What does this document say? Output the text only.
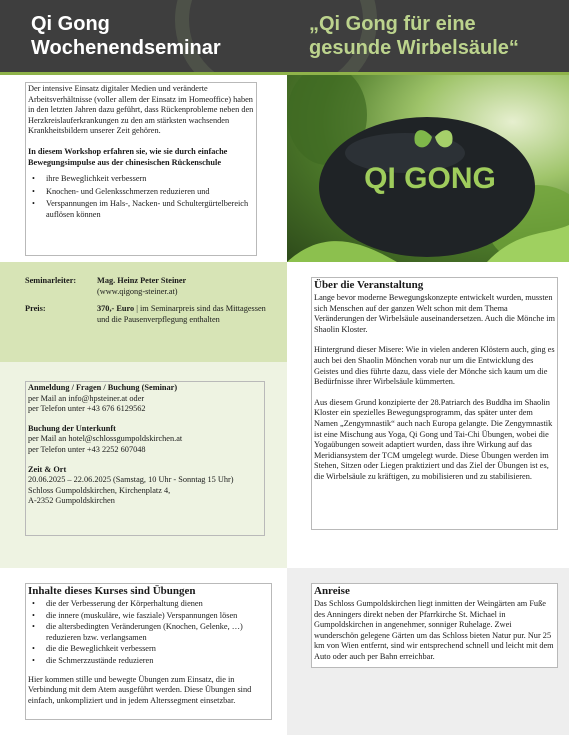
Qi Gong
Wochenendseminar
„Qi Gong für eine
gesunde Wirbelsäule“
QI GONG

Der intensive Einsatz digitaler Medien und veränderte Arbeitsverhältnisse (voller allem der Einsatz im Homeoffice) haben in den letzten Jahren dazu geführt, dass Rückenprobleme neben den Herzkreislauferkrankungen zu den am stärksten wachsenden Krankheitsbildern unserer Zeit gehören.

In diesem Workshop erfahren sie, wie sie durch einfache Bewegungsimpulse aus der chinesischen Rückenschule

• ihre Beweglichkeit verbessern
• Knochen- und Gelenksschmerzen reduzieren und
• Verspannungen im Hals-, Nacken- und Schultergürtelbereich auflösen können
Seminarleiter:	Mag. Heinz Peter Steiner
(www.qigong-steiner.at)
Preis:	370,- Euro | im Seminarpreis sind das Mittagessen und die Pausenverpflegung enthalten
Anmeldung / Fragen / Buchung (Seminar)
per Mail an info@hpsteiner.at oder
per Telefon unter +43 676 6129562
Buchung der Unterkunft
per Mail an hotel@schlossgumpoldskirchen.at
per Telefon unter +43 2252 607048
Zeit & Ort
20.06.2025 – 22.06.2025 (Samstag, 10 Uhr - Sonntag 15 Uhr)
Schloss Gumpoldskirchen, Kirchenplatz 4,
A-2352 Gumpoldskirchen
Über die Veranstaltung

Lange bevor moderne Bewegungskonzepte entwickelt wurden, mussten sich Menschen auf der ganzen Welt schon mit dem Thema Veränderungen der Wirbelsäule auseinandersetzen. Auch die Mönche im Shaolin Kloster.

Hintergrund dieser Misere: Wie in vielen anderen Klöstern auch, ging es auch bei den Shaolin Mönchen vorab nur um die Entwicklung des Geistes und dies führte dazu, dass viele der Mönche sich kaum um die Bedürfnisse ihrer Wirbelsäule kümmerten.

Aus diesem Grund konzipierte der 28.Patriarch des Buddha im Shaolin Kloster ein spezielles Bewegungsprogramm, das später unter dem Namen „Zengymnastik“ auch nach Europa gelangte. Die Zengymnastik ist eine Mischung aus Yoga, Qi Gong und Tai-Chi Übungen, wobei die Yogaübungen soweit adaptiert wurden, dass ihre Wirkung auf das Meridiansystem der TCM umgelegt wurde. Diese Übungen werden im Stehen, Sitzen oder Liegen praktiziert und das Ziel der Übungen ist es, die Wirbelsäule zu kräftigen, zu mobilisieren und zu stabilisieren.

Inhalte dieses Kurses sind Übungen
• die der Verbesserung der Körperhaltung dienen
• die innere (muskuläre, wie fasziale) Verspannungen lösen
• die altersbedingten Veränderungen (Knochen, Gelenke, …) reduzieren bzw. verlangsamen
• die die Beweglichkeit verbessern
• die Schmerzzustände reduzieren

Hier kommen stille und bewegte Übungen zum Einsatz, die in Verbindung mit dem Atem ausgeführt werden. Diese Übungen sind einfach, unkompliziert und in jedem Alterssegment einsetzbar.

Anreise
Das Schloss Gumpoldskirchen liegt inmitten der Weingärten am Fuße des Anningers direkt neben der Pfarrkirche St. Michael in Gumpoldskirchen in angenehmer, sonniger Ruhelage. Zwei wunderschön gelegene Gärten um das Schloss bieten Natur pur. Nur 25 km von Wien entfernt, sind wir entsprechend schnell und leicht mit dem Auto oder auch per Bahn erreichbar.
